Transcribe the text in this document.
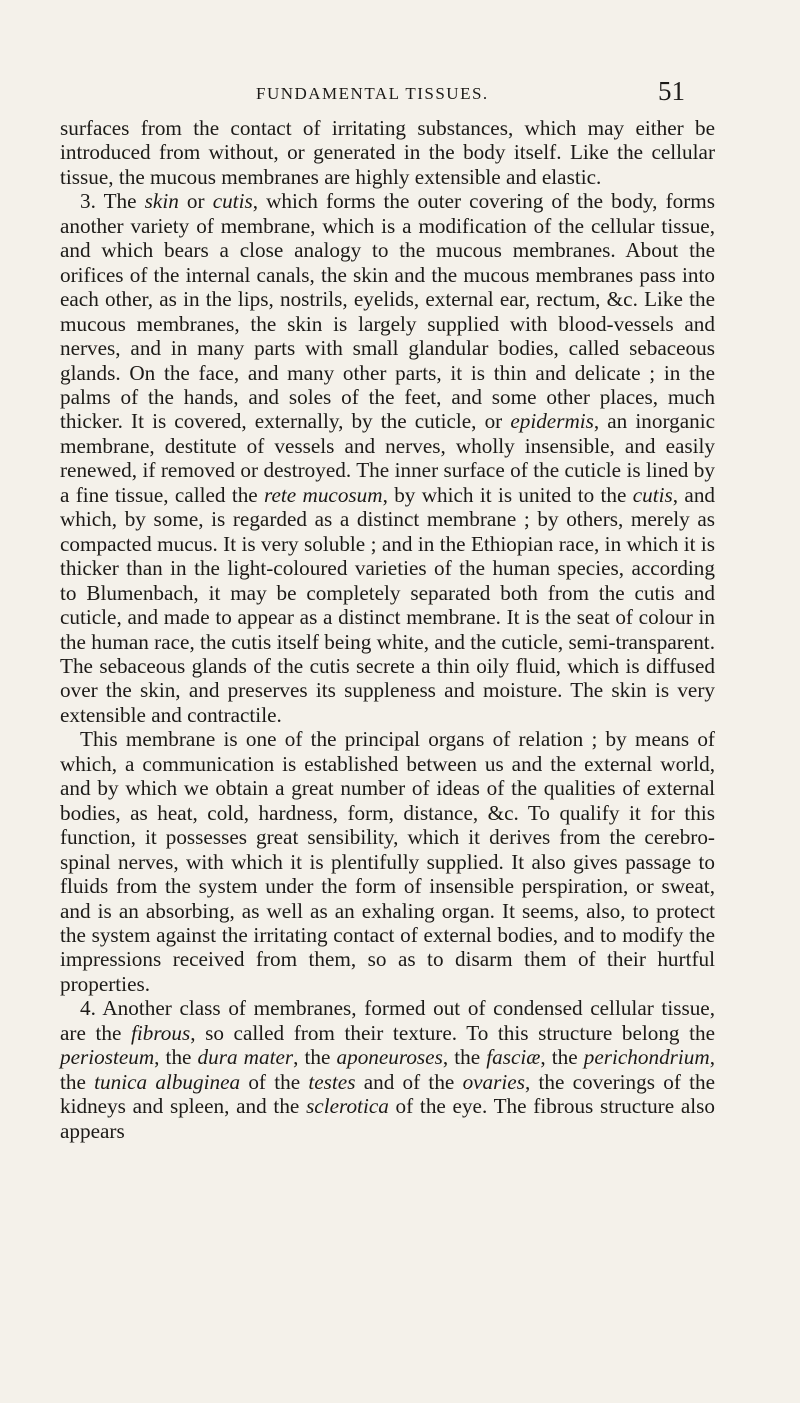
FUNDAMENTAL TISSUES.	51

surfaces from the contact of irritating substances, which may either be introduced from without, or generated in the body itself. Like the cellular tissue, the mucous membranes are highly extensible and elastic.

3. The skin or cutis, which forms the outer covering of the body, forms another variety of membrane, which is a modification of the cellular tissue, and which bears a close analogy to the mucous membranes. About the orifices of the internal canals, the skin and the mucous membranes pass into each other, as in the lips, nostrils, eyelids, external ear, rectum, &c. Like the mucous membranes, the skin is largely supplied with blood-vessels and nerves, and in many parts with small glandular bodies, called sebaceous glands. On the face, and many other parts, it is thin and delicate ; in the palms of the hands, and soles of the feet, and some other places, much thicker. It is covered, externally, by the cuticle, or epidermis, an inorganic membrane, destitute of vessels and nerves, wholly insensible, and easily renewed, if removed or destroyed. The inner surface of the cuticle is lined by a fine tissue, called the rete mucosum, by which it is united to the cutis, and which, by some, is regarded as a distinct membrane ; by others, merely as compacted mucus. It is very soluble ; and in the Ethiopian race, in which it is thicker than in the light-coloured varieties of the human species, according to Blumenbach, it may be completely separated both from the cutis and cuticle, and made to appear as a distinct membrane. It is the seat of colour in the human race, the cutis itself being white, and the cuticle, semi-transparent. The sebaceous glands of the cutis secrete a thin oily fluid, which is diffused over the skin, and preserves its suppleness and moisture. The skin is very extensible and contractile.

This membrane is one of the principal organs of relation ; by means of which, a communication is established between us and the external world, and by which we obtain a great number of ideas of the qualities of external bodies, as heat, cold, hardness, form, distance, &c. To qualify it for this function, it possesses great sensibility, which it derives from the cerebro-spinal nerves, with which it is plentifully supplied. It also gives passage to fluids from the system under the form of insensible perspiration, or sweat, and is an absorbing, as well as an exhaling organ. It seems, also, to protect the system against the irritating contact of external bodies, and to modify the impressions received from them, so as to disarm them of their hurtful properties.

4. Another class of membranes, formed out of condensed cellular tissue, are the fibrous, so called from their texture. To this structure belong the periosteum, the dura mater, the aponeuroses, the fasciæ, the perichondrium, the tunica albuginea of the testes and of the ovaries, the coverings of the kidneys and spleen, and the sclerotica of the eye. The fibrous structure also appears
